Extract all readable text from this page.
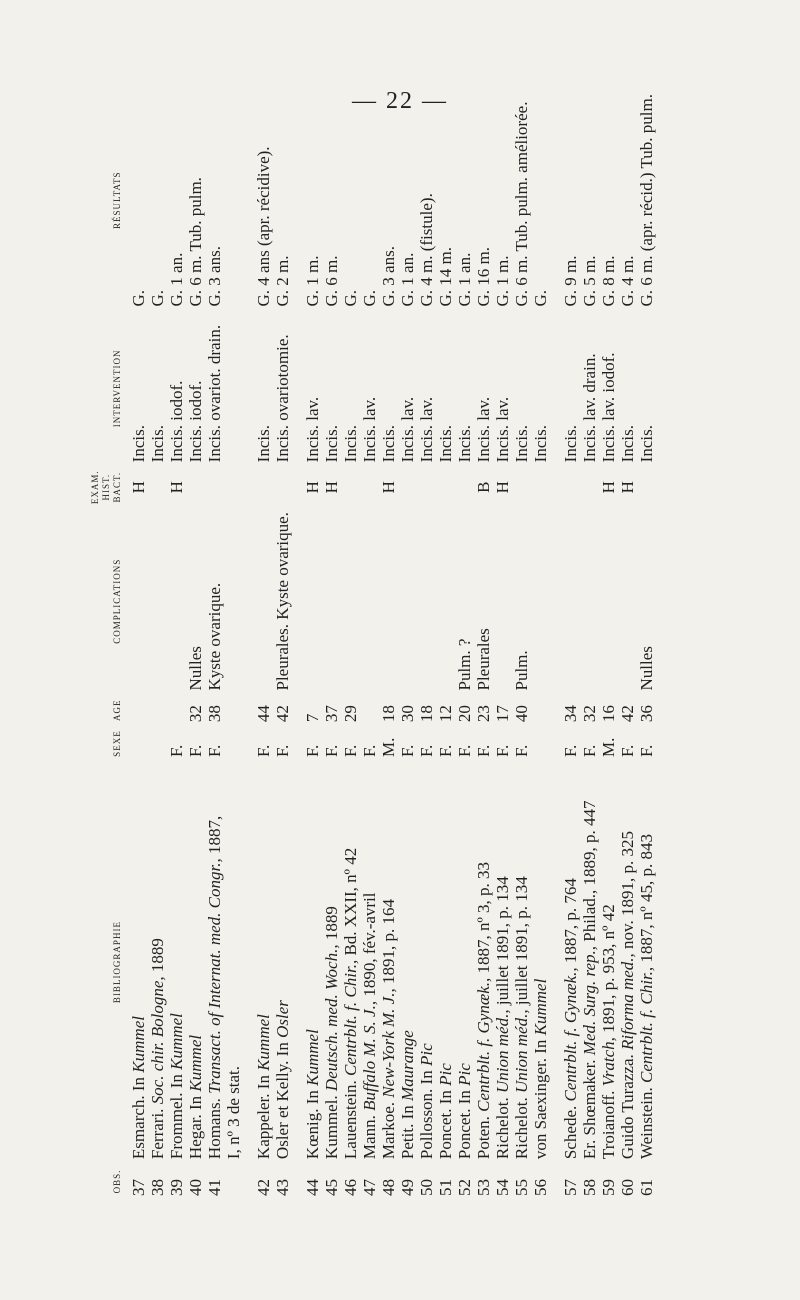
— 22 —
OBS.	BIBLIOGRAPHIE	SEXE	AGE	COMPLICATIONS	EXAM. HIST. BACT.	INTERVENTION	RÉSULTATS
37	Esmarch. In Kummel				H	Incis.	G.
38	Ferrari. Soc. chir. Bologne, 1889					Incis.	G.
39	Frommel. In Kummel	F.			H	Incis. iodof.	G. 1 an.
40	Hegar. In Kummel	F.	32	Nulles		Incis. iodof.	G. 6 m. Tub. pulm.
41	Homans. Transact. of Internat. med. Congr., 1887,	F.	38	Kyste ovarique.		Incis. ovariot. drain.	G. 3 ans.
	I, nº 3 de stat.						
42	Kappeler. In Kummel	F.	44			Incis.	G. 4 ans (apr. récidive).
43	Osler et Kelly. In Osler	F.	42	Pleurales. Kyste ovarique.		Incis. ovariotomie.	G. 2 m.
44	Kœnig. In Kummel	F.	7		H	Incis. lav.	G. 1 m.
45	Kummel. Deutsch. med. Woch., 1889	F.	37		H	Incis.	G. 6 m.
46	Lauenstein. Centrblt. f. Chir., Bd. XXII, nº 42	F.	29			Incis.	G.
47	Mann. Buffalo M. S. J., 1890, fév.-avril	F.				Incis. lav.	G.
48	Markoe. New-York M. J., 1891, p. 164	M.	18		H	Incis.	G. 3 ans.
49	Petit. In Maurange	F.	30			Incis. lav.	G. 1 an.
50	Pollosson. In Pic	F.	18			Incis. lav.	G. 4 m. (fistule).
51	Poncet. In Pic	F.	12			Incis.	G. 14 m.
52	Poncet. In Pic	F.	20	Pulm. ?		Incis.	G. 1 an.
53	Poten. Centrblt. f. Gynæk., 1887, nº 3, p. 33	F.	23	Pleurales	B	Incis. lav.	G. 16 m.
54	Richelot. Union méd., juillet 1891, p. 134	F.	17		H	Incis. lav.	G. 1 m.
55	Richelot. Union méd., juillet 1891, p. 134	F.	40	Pulm.		Incis.	G. 6 m. Tub. pulm. améliorée.
56	von Saexinger. In Kummel					Incis.	G.
57	Schede. Centrblt. f. Gynæk., 1887, p. 764	F.	34			Incis.	G. 9 m.
58	Er. Shœmaker. Med. Surg. rep., Philad., 1889, p. 447	F.	32			Incis. lav. drain.	G. 5 m.
59	Troianoff. Vratch, 1891, p. 953, nº 42	M.	16		H	Incis. lav. iodof.	G. 8 m.
60	Guido Turazza. Riforma med., nov. 1891, p. 325	F.	42		H	Incis.	G. 4 m.
61	Weinstein. Centrblt. f. Chir., 1887, nº 45, p. 843	F.	36	Nulles		Incis.	G. 6 m. (apr. récid.) Tub. pulm.
